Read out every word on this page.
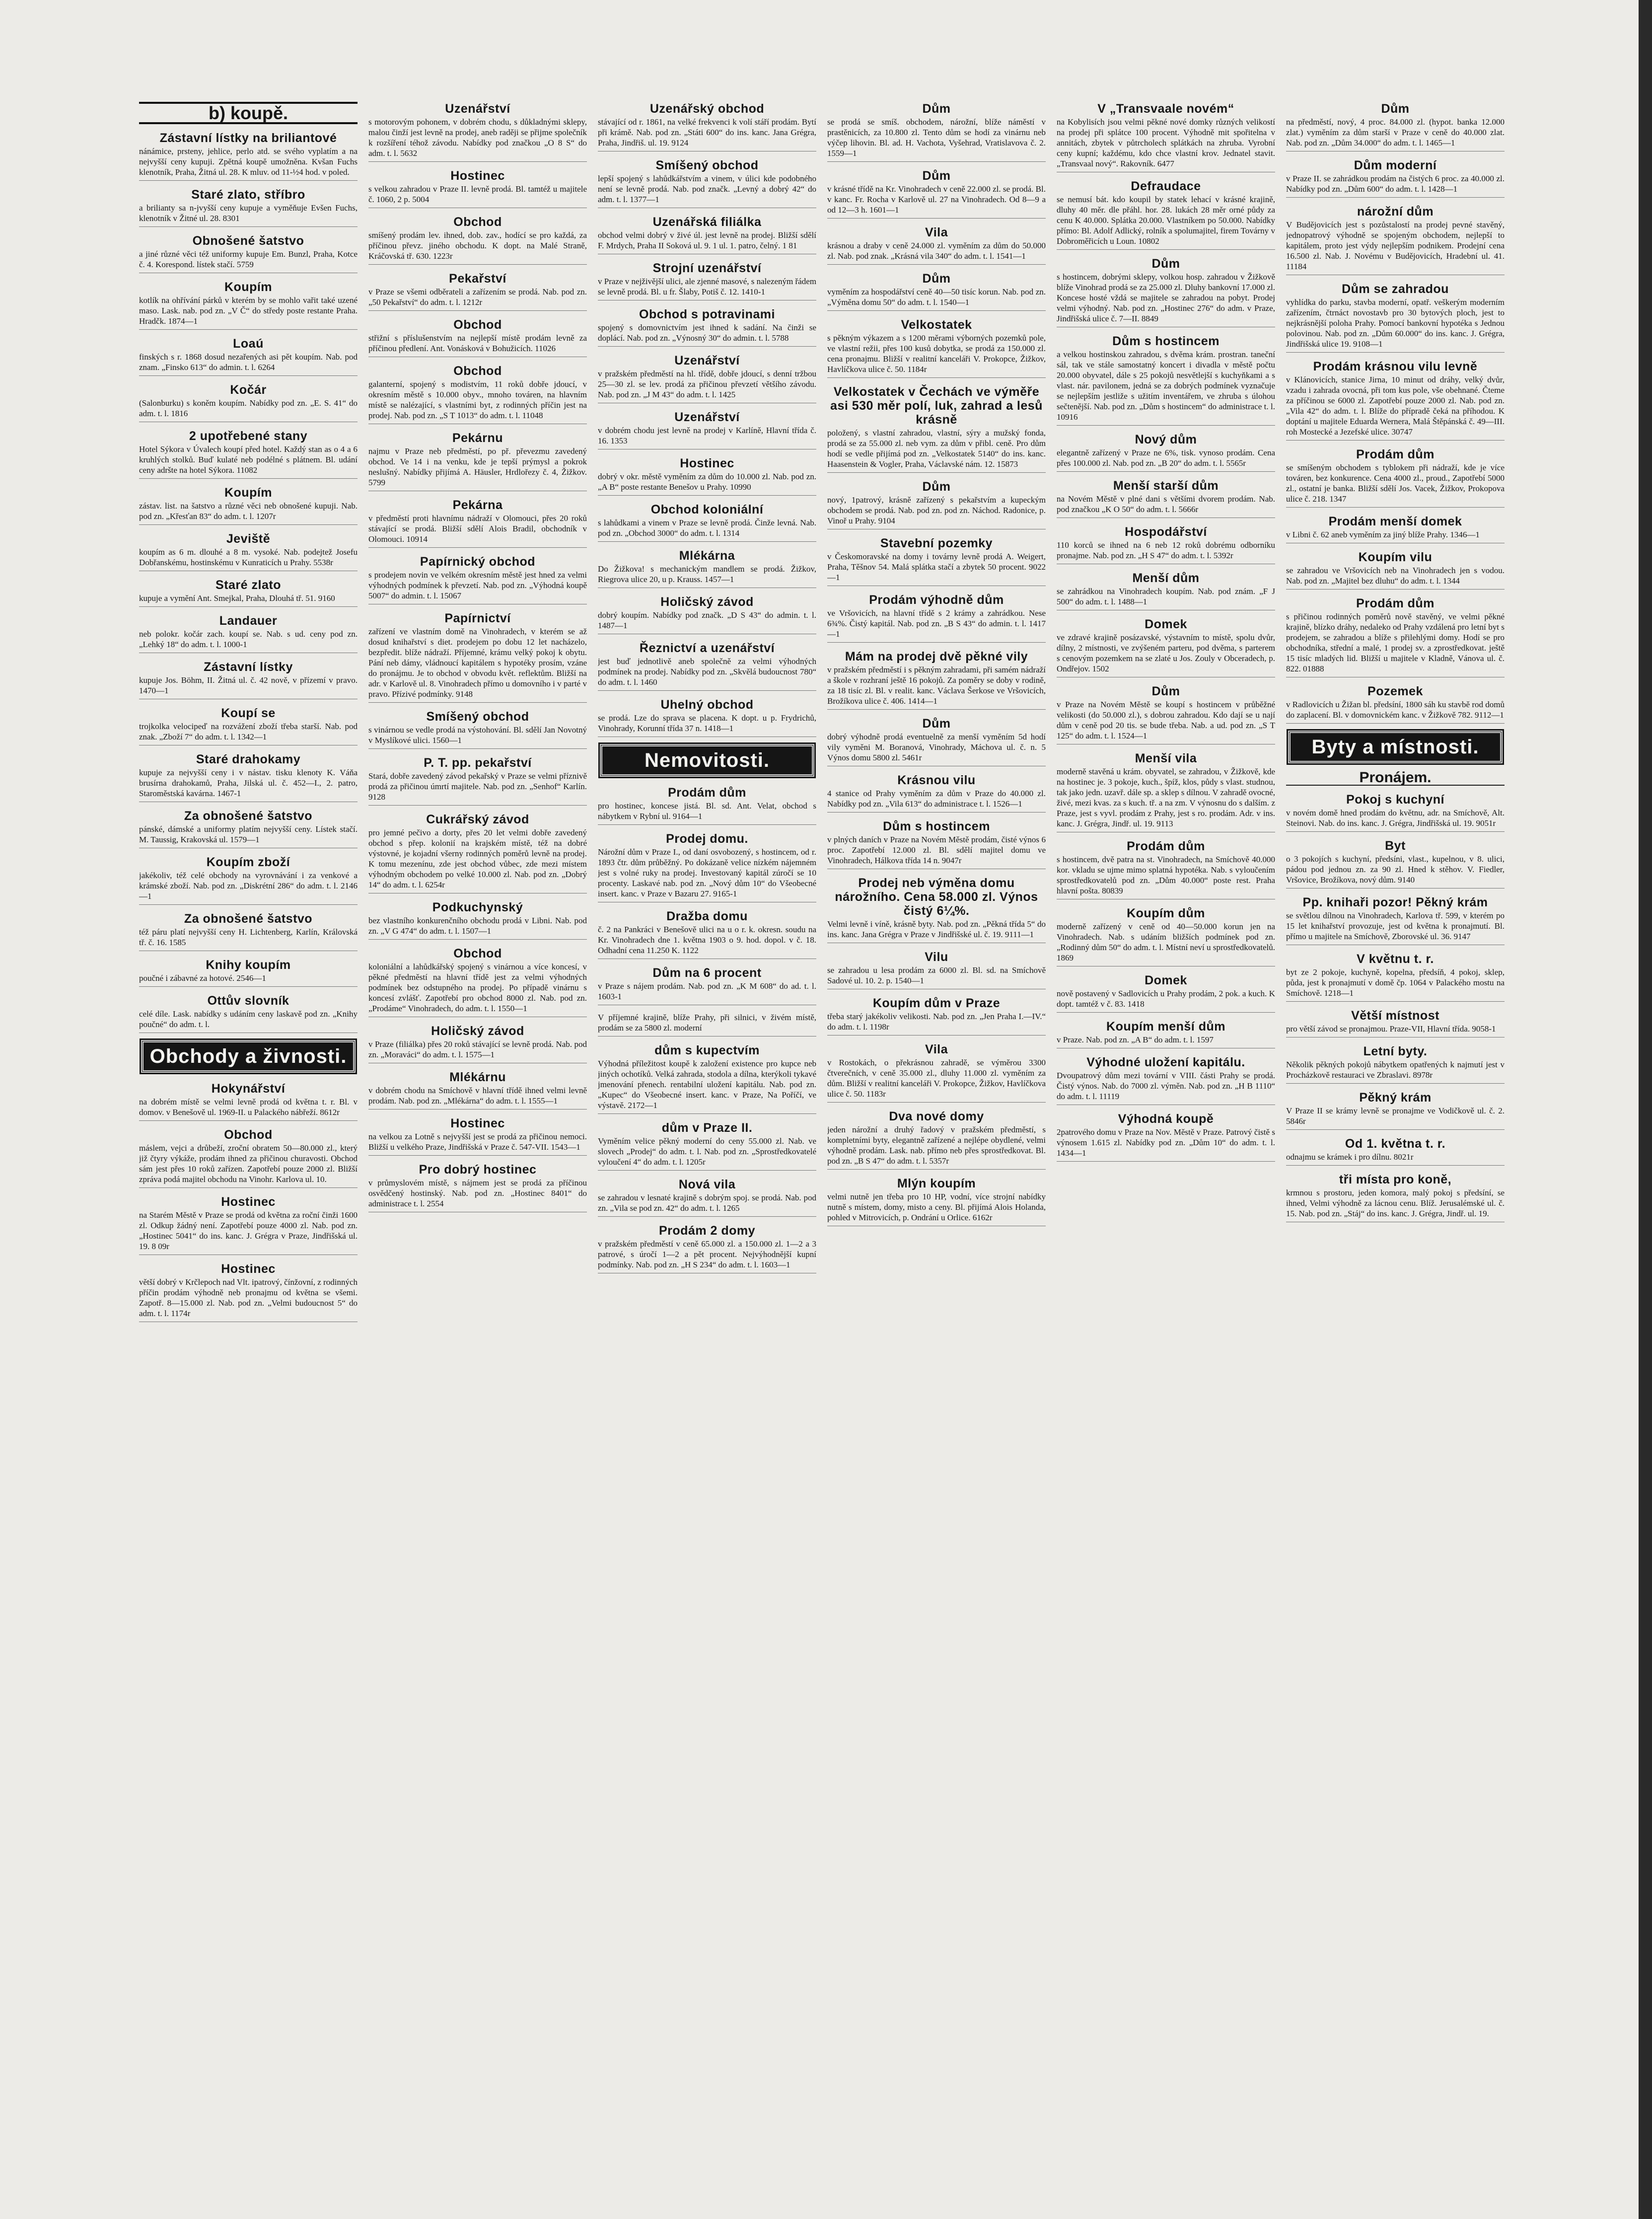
b) koupě.
Zástavní lístky na briliantové
nánámice, prsteny, jehlice, perlo atd. se svého vyplatím a na nejvyšší ceny kupuji. Zpětná koupě umožněna. Kvšan Fuchs klenotník, Praha, Žitná ul. 28. K mluv. od 11-½4 hod. v poled.
Staré zlato, stříbro
a brilianty sa n-jvyšší ceny kupuje a vyměňuje Evšen Fuchs, klenotník v Žitné ul. 28. 8301
Obnošené šatstvo
a jiné různé věci též uniformy kupuje Em. Bunzl, Praha, Kotce č. 4. Korespond. lístek stačí. 5759
Koupím
kotlík na ohřívání párků v kterém by se mohlo vařit také uzené maso. Lask. nab. pod zn. „V Č“ do středy poste restante Praha. Hradčk. 1874—1
Loaú
finských s r. 1868 dosud nezařených asi pět koupím. Nab. pod znam. „Finsko 613“ do admin. t. l. 6264
Kočár
(Salonburku) s koněm koupím. Nabídky pod zn. „E. S. 41“ do adm. t. l. 1816
2 upotřebené stany
Hotel Sýkora v Úvalech koupí před hotel. Každý stan as o 4 a 6 kruhlých stolků. Buď kulaté neb podélné s plátnem. Bl. udání ceny adršte na hotel Sýkora. 11082
Koupím
zástav. list. na šatstvo a různé věci neb obnošené kupuji. Nab. pod zn. „Křesťan 83“ do adm. t. l. 1207r
Jeviště
koupím as 6 m. dlouhé a 8 m. vysoké. Nab. podejtež Josefu Dobřanskému, hostinskému v Kunraticích u Prahy. 5538r
Staré zlato
kupuje a vymění Ant. Smejkal, Praha, Dlouhá tř. 51. 9160
Landauer
neb polokr. kočár zach. koupí se. Nab. s ud. ceny pod zn. „Lehký 18“ do adm. t. l. 1000-1
Zástavní lístky
kupuje Jos. Böhm, II. Žitná ul. č. 42 nově, v přízemí v pravo. 1470—1
Koupí se
trojkolka velocipeď na rozvážení zboží třeba starší. Nab. pod znak. „Zboží 7“ do adm. t. l. 1342—1
Staré drahokamy
kupuje za nejvyšší ceny i v nástav. tisku klenoty K. Váňa brusírna drahokamů, Praha, Jilská ul. č. 452—I., 2. patro, Staroměstská kavárna. 1467-1
Za obnošené šatstvo
pánské, dámské a uniformy platím nejvyšší ceny. Lístek stačí. M. Taussig, Krakovská ul. 1579—1
Koupím zboží
jakékoliv, též celé obchody na vyrovnávání i za venkové a krámské zboží. Nab. pod zn. „Diskrétní 286“ do adm. t. l. 2146—1
Za obnošené šatstvo
též páru platí nejvyšší ceny H. Lichtenberg, Karlín, Královská tř. č. 16. 1585
Knihy koupím
poučné i zábavné za hotové. 2546—1
Ottův slovník
celé díle. Lask. nabídky s udáním ceny laskavě pod zn. „Knihy poučné“ do adm. t. l.
Obchody a živnosti.
Hokynářství
na dobrém místě se velmi levně prodá od května t. r. Bl. v domov. v Benešově ul. 1969-II. u Palackého nábřeží. 8612r
Obchod
máslem, vejci a drůbeží, zroční obratem 50—80.000 zl., který již čtyry výkáže, prodám ihned za přičinou churavosti. Obchod sám jest přes 10 roků zařízen. Zapotřebí pouze 2000 zl. Bližší zpráva podá majitel obchodu na Vinohr. Karlova ul. 10.
Hostinec
na Starém Městě v Praze se prodá od května za roční činži 1600 zl. Odkup žádný není. Zapotřebí pouze 4000 zl. Nab. pod zn. „Hostinec 5041“ do ins. kanc. J. Grégra v Praze, Jindřišská ul. 19. 8 09r
Hostinec
větší dobrý v Krčlepoch nad Vlt. ipatrový, čínžovní, z rodinných příčin prodám výhodně neb pronajmu od května se všemi. Zapotř. 8—15.000 zl. Nab. pod zn. „Velmi budoucnost 5“ do adm. t. l. 1174r
Uzenářství
s motorovým pohonem, v dobrém chodu, s důkladnými sklepy, malou činží jest levně na prodej, aneb raději se přijme společník k rozšíření téhož závodu. Nabídky pod značkou „O 8 S“ do adm. t. l. 5632
Hostinec
s velkou zahradou v Praze II. levně prodá. Bl. tamtéž u majitele č. 1060, 2 p. 5004
Obchod
smíšený prodám lev. ihned, dob. zav., hodící se pro každá, za příčinou převz. jiného obchodu. K dopt. na Malé Straně, Kráčovská tř. 630. 1223r
Pekařství
v Praze se všemi odběrateli a zařízením se prodá. Nab. pod zn. „50 Pekařství“ do adm. t. l. 1212r
Obchod
střižní s příslušenstvím na nejlepší místě prodám levně za příčinou předlení. Ant. Vonásková v Bohužicích. 11026
Obchod
galanterní, spojený s modistvím, 11 roků dobře jdoucí, v okresním městě s 10.000 obyv., mnoho továren, na hlavním místě se nalézající, s vlastními byt, z rodinných příčin jest na prodej. Nab. pod zn. „S T 1013“ do adm. t. l. 11048
Pekárnu
najmu v Praze neb předměstí, po př. převezmu zavedený obchod. Ve 14 i na venku, kde je tepší prýmysl a pokrok neslušný. Nabídky přijímá A. Häusler, Hrdlořezy č. 4, Žižkov. 5799
Pekárna
v předměstí proti hlavnímu nádraží v Olomouci, přes 20 roků stávající se prodá. Bližší sdělí Alois Bradil, obchodník v Olomouci. 10914
Papírnický obchod
s prodejem novin ve velkém okresním městě jest hned za velmi výhodných podmínek k převzetí. Nab. pod zn. „Výhodná koupě 5007“ do admin. t. l. 15067
Papírnictví
zařízení ve vlastním domě na Vinohradech, v kterém se až dosud knihařství s diet. prodejem po dobu 12 let nacházelo, bezpředit. blíže nádraží. Příjemné, krámu velký pokoj k obytu. Pání neb dámy, vládnoucí kapitálem s hypotéky prosím, vzáne do pronájmu. Je to obchod v obvodu květ. reflektům. Bližší na adr. v Karlově ul. 8. Vinohradech přímo u domovního i v parté v pravo. Přízivé podmínky. 9148
Smíšený obchod
s vinárnou se vedle prodá na výstohování. Bl. sdělí Jan Novotný v Myslíkové ulici. 1560—1
P. T. pp. pekařství
Stará, dobře zavedený závod pekařský v Praze se velmi příznivě prodá za přičinou úmrtí majitele. Nab. pod zn. „Senhof“ Karlín. 9128
Cukrářský závod
pro jemné pečivo a dorty, přes 20 let velmi dobře zavedený obchod s přep. kolonií na krajském místě, též na dobré výstovné, je kojadní všerny rodinných poměrů levně na prodej. K tomu mezenínu, zde jest obchod vůbec, zde mezi místem výhodným obchodem po velké 10.000 zl. Nab. pod zn. „Dobrý 14“ do adm. t. l. 6254r
Podkuchynský
bez vlastního konkurenčního obchodu prodá v Libni. Nab. pod zn. „V G 474“ do adm. t. l. 1507—1
Obchod
koloniální a lahůdkářský spojený s vinárnou a více koncesí, v pěkné předměstí na hlavní třídě jest za velmi výhodných podmínek bez odstupného na prodej. Po případě vinárnu s koncesí zvlášť. Zapotřebí pro obchod 8000 zl. Nab. pod zn. „Prodáme“ Vinohradech, do adm. t. l. 1550—1
Holičský závod
v Praze (filiálka) přes 20 roků stávající se levně prodá. Nab. pod zn. „Moraváci“ do adm. t. l. 1575—1
Mlékárnu
v dobrém chodu na Smíchově v hlavní třídě ihned velmi levně prodám. Nab. pod zn. „Mlékárna“ do adm. t. l. 1555—1
Hostinec
na velkou za Lotně s nejvyšší jest se prodá za přičinou nemoci. Bližší u velkého Praze, Jindřišská v Praze č. 547-VII. 1543—1
Pro dobrý hostinec
v průmyslovém místě, s nájmem jest se prodá za příčinou osvědčený hostinský. Nab. pod zn. „Hostinec 8401“ do administrace t. l. 2554
Uzenářský obchod
stávající od r. 1861, na velké frekvenci k volí stáří prodám. Bytí při krámě. Nab. pod zn. „Státi 600“ do ins. kanc. Jana Grégra, Praha, Jindřiš. ul. 19. 9124
Smíšený obchod
lepší spojený s lahůdkářstvím a vinem, v úlici kde podobného není se levně prodá. Nab. pod značk. „Levný a dobrý 42“ do adm. t. l. 1377—1
Uzenářská filiálka
obchod velmi dobrý v živé úl. jest levně na prodej. Bližší sdělí F. Mrdych, Praha II Soková ul. 9. 1 ul. 1. patro, čelný. 1 81
Strojní uzenářství
v Praze v nejživější ulici, ale zjenné masové, s nalezeným řádem se levně prodá. Bl. u fr. Šlaby, Potiš č. 12. 1410-1
Obchod s potravinami
spojený s domovnictvím jest ihned k sadání. Na činži se doplácí. Nab. pod zn. „Výnosný 30“ do admin. t. l. 5788
Uzenářství
v pražském předměstí na hl. třídě, dobře jdoucí, s denní tržbou 25—30 zl. se lev. prodá za přičinou převzetí většího závodu. Nab. pod zn. „J M 43“ do adm. t. l. 1425
Uzenářství
v dobrém chodu jest levně na prodej v Karlíně, Hlavní třída č. 16. 1353
Hostinec
dobrý v okr. městě vyměním za dům do 10.000 zl. Nab. pod zn. „A B“ poste restante Benešov u Prahy. 10990
Obchod koloniální
s lahůdkami a vinem v Praze se levně prodá. Činže levná. Nab. pod zn. „Obchod 3000“ do adm. t. l. 1314
Mlékárna
Do Žižkova! s mechanickým mandlem se prodá. Žižkov, Riegrova ulice 20, u p. Krauss. 1457—1
Holičský závod
dobrý koupím. Nabídky pod značk. „D S 43“ do admin. t. l. 1487—1
Řeznictví a uzenářství
jest buď jednotlivě aneb společně za velmi výhodných podmínek na prodej. Nabídky pod zn. „Skvělá budoucnost 780“ do adm. t. l. 1460
Uhelný obchod
se prodá. Lze do sprava se placena. K dopt. u p. Frydrichů, Vinohrady, Korunní třída 37 n. 1418—1
Nemovitosti.
Prodám dům
pro hostinec, koncese jistá. Bl. sd. Ant. Velat, obchod s nábytkem v Rybní ul. 9164—1
Prodej domu.
Nárožní dům v Praze I., od daní osvobozený, s hostincem, od r. 1893 čtr. dům průběžný. Po dokázaně velice nízkém nájemném jest s volné ruky na prodej. Investovaný kapitál zúročí se 10 procenty. Laskavé nab. pod zn. „Nový dům 10“ do Všeobecné insert. kanc. v Praze v Bazaru 27. 9165-1
Dražba domu
č. 2 na Pankráci v Benešově ulici na u o r. k. okresn. soudu na Kr. Vinohradech dne 1. května 1903 o 9. hod. dopol. v č. 18. Odhadní cena 11.250 K. 1122
Dům na 6 procent
v Praze s nájem prodám. Nab. pod zn. „K M 608“ do ad. t. l. 1603-1
V příjemné krajině, blíže Prahy, při silnici, v živém místě, prodám se za 5800 zl. moderní
dům s kupectvím
Výhodná příležitost koupě k založení existence pro kupce neb jiných ochotíků. Velká zahrada, stodola a dílna, kterýkoli tykavé jmenování přenech. rentabilní uložení kapitálu. Nab. pod zn. „Kupec“ do Všeobecné insert. kanc. v Praze, Na Poříčí, ve výstavě. 2172—1
dům v Praze II.
Vyměním velice pěkný moderní do ceny 55.000 zl. Nab. ve slovech „Prodej“ do adm. t. l. Nab. pod zn. „Sprostředkovatelé vyloučení 4“ do adm. t. l. 1205r
Nová vila
se zahradou v lesnaté krajině s dobrým spoj. se prodá. Nab. pod zn. „Vila se pod zn. 42“ do adm. t. l. 1265
Prodám 2 domy
v pražském předměstí v ceně 65.000 zl. a 150.000 zl. 1—2 a 3 patrové, s úročí 1—2 a pět procent. Nejvýhodnější kupní podmínky. Nab. pod zn. „H S 234“ do adm. t. l. 1603—1
Dům
se prodá se smíš. obchodem, nárožní, blíže náměstí v prastěnicích, za 10.800 zl. Tento dům se hodí za vinárnu neb výčep lihovin. Bl. ad. H. Vachota, Vyšehrad, Vratislavova č. 2. 1559—1
Dům
v krásné třídě na Kr. Vinohradech v ceně 22.000 zl. se prodá. Bl. v kanc. Fr. Rocha v Karlově ul. 27 na Vinohradech. Od 8—9 a od 12—3 h. 1601—1
Vila
krásnou a draby v ceně 24.000 zl. vyměním za dům do 50.000 zl. Nab. pod znak. „Krásná vila 340“ do adm. t. l. 1541—1
Dům
vyměním za hospodářství ceně 40—50 tisíc korun. Nab. pod zn. „Výměna domu 50“ do adm. t. l. 1540—1
Velkostatek
s pěkným výkazem a s 1200 měrami výborných pozemků pole, ve vlastní režii, přes 100 kusů dobytka, se prodá za 150.000 zl. cena pronajmu. Bližší v realitní kanceláři V. Prokopce, Žižkov, Havlíčkova ulice č. 50. 1184r
Velkostatek v Čechách ve výměře asi 530 měr polí, luk, zahrad a lesů krásně
položený, s vlastní zahradou, vlastní, sýry a mužský fonda, prodá se za 55.000 zl. neb vym. za dům v přibl. ceně. Pro dům hodí se vedle přijímá pod zn. „Velkostatek 5140“ do ins. kanc. Haasenstein & Vogler, Praha, Václavské nám. 12. 15873
Dům
nový, 1patrový, krásně zařízený s pekařstvím a kupeckým obchodem se prodá. Nab. pod zn. pod zn. Náchod. Radonice, p. Vinoř u Prahy. 9104
Stavební pozemky
v Českomoravské na domy i továrny levně prodá A. Weigert, Praha, Těšnov 54. Malá splátka stačí a zbytek 50 procent. 9022—1
Prodám výhodně dům
ve Vršovicích, na hlavní třídě s 2 krámy a zahrádkou. Nese 6¾%. Čistý kapitál. Nab. pod zn. „B S 43“ do admin. t. l. 1417—1
Mám na prodej dvě pěkné vily
v pražském předměstí i s pěkným zahradami, při samém nádraží a škole v rozhraní ještě 16 pokojů. Za poměry se doby v rodině, za 18 tisíc zl. Bl. v realit. kanc. Václava Šerkose ve Vršovicích, Brožíkova ulice č. 406. 1414—1
Dům
dobrý výhodně prodá eventuelně za menší vyměním 5d hodí vily vyměni M. Boranová, Vinohrady, Máchova ul. č. n. 5 Výnos domu 5800 zl. 5461r
Krásnou vilu
4 stanice od Prahy vyměním za dům v Praze do 40.000 zl. Nabídky pod zn. „Vila 613“ do administrace t. l. 1526—1
Dům s hostincem
v plných daních v Praze na Novém Městě prodám, čisté výnos 6 proc. Zapotřebí 12.000 zl. Bl. sdělí majitel domu ve Vinohradech, Hálkova třída 14 n. 9047r
Prodej neb výměna domu nárožního. Cena 58.000 zl. Výnos čistý 6¼%.
Velmi levně i víně, krásně byty. Nab. pod zn. „Pěkná třída 5“ do ins. kanc. Jana Grégra v Praze v Jindřišské ul. č. 19. 9111—1
Vilu
se zahradou u lesa prodám za 6000 zl. Bl. sd. na Smíchově Sadové ul. 10. 2. p. 1540—1
Koupím dům v Praze
třeba starý jakékoliv velikosti. Nab. pod zn. „Jen Praha I.—IV.“ do adm. t. l. 1198r
Vila
v Rostokách, o překrásnou zahradě, se výměrou 3300 čtverečních, v ceně 35.000 zl., dluhy 11.000 zl. vyměním za dům. Bližší v realitní kanceláři V. Prokopce, Žižkov, Havlíčkova ulice č. 50. 1183r
Dva nové domy
jeden nárožní a druhý řadový v pražském předměstí, s kompletními byty, elegantně zařízené a nejlépe obydlené, velmi výhodně prodám. Lask. nab. přímo neb přes sprostředkovat. Bl. pod zn. „B S 47“ do adm. t. l. 5357r
Mlýn koupím
velmi nutně jen třeba pro 10 HP, vodní, více strojní nabídky nutně s místem, domy, misto a ceny. Bl. přijímá Alois Holanda, pohled v Mitrovicích, p. Ondrání u Orlice. 6162r
V „Transvaale novém“
na Kobylisích jsou velmi pěkné nové domky různých velikostí na prodej při splátce 100 procent. Výhodně mit spořitelna v annitách, zbytek v půtrcholech splátkách na zhruba. Vyrobní ceny kupní; každému, kdo chce vlastní krov. Jednatel stavit. „Transvaal nový“. Rakovník. 6477
Defraudace
se nemusí bát. kdo koupil by statek lehací v krásné krajině, dluhy 40 měr. dle přáhl. hor. 28. lukách 28 měr orné půdy za cenu K 40.000. Splátka 20.000. Vlastníkem po 50.000. Nabídky přímo: Bl. Adolf Adlický, rolník a spolumajitel, firem Továrny v Dobroměřicích u Loun. 10802
Dům
s hostincem, dobrými sklepy, volkou hosp. zahradou v Žižkově blíže Vinohrad prodá se za 25.000 zl. Dluhy bankovní 17.000 zl. Koncese hosté vždá se majitele se zahradou na pobyt. Prodej velmi výhodný. Nab. pod zn. „Hostinec 276“ do adm. v Praze, Jindřišská ulice č. 7—II. 8849
Dům s hostincem
a velkou hostinskou zahradou, s dvěma krám. prostran. taneční sál, tak ve stále samostatný koncert i divadla v městě počtu 20.000 obyvatel, dále s 25 pokojů nesvětlejší s kuchyňkami a s vlast. nár. pavilonem, jedná se za dobrých podmínek vyznačuje se nejlepším jestliže s užitím inventářem, ve zhruba s úlohou sečtenější. Nab. pod zn. „Dům s hostincem“ do administrace t. l. 10916
Nový dům
elegantně zařízený v Praze ne 6%, tisk. vynoso prodám. Cena přes 100.000 zl. Nab. pod zn. „B 20“ do adm. t. l. 5565r
Menší starší dům
na Novém Městě v plné dani s většími dvorem prodám. Nab. pod značkou „K O 50“ do adm. t. l. 5666r
Hospodářství
110 korců se ihned na 6 neb 12 roků dobrému odborníku pronajme. Nab. pod zn. „H S 47“ do adm. t. l. 5392r
Menší dům
se zahrádkou na Vinohradech koupím. Nab. pod znám. „F J 500“ do adm. t. l. 1488—1
Domek
ve zdravé krajině posázavské, výstavním to místě, spolu dvůr, dílny, 2 místnosti, ve zvýšeném parteru, pod dvěma, s parterem s cenovým pozemkem na se zlaté u Jos. Zouly v Obceradech, p. Ondřejov. 1502
Dům
v Praze na Novém Městě se koupí s hostincem v průběžné velikosti (do 50.000 zl.), s dobrou zahradou. Kdo dají se u nají dům v ceně pod 20 tis. se bude třeba. Nab. a ud. pod zn. „S T 125“ do adm. t. l. 1524—1
Menší vila
moderně stavěná u krám. obyvatel, se zahradou, v Žižkově, kde na hostinec je. 3 pokoje, kuch., špíž, klos, půdy s vlast. studnou, tak jako jedn. uzavř. dále sp. a sklep s dílnou. V zahradě ovocné, živé, mezi kvas. za s kuch. tř. a na zm. V výnosnu do s dalším. z Praze, jest s vyvl. prodám z Prahy, jest s ro. prodám. Adr. v ins. kanc. J. Grégra, Jindř. ul. 19. 9113
Prodám dům
s hostincem, dvě patra na st. Vinohradech, na Smíchově 40.000 kor. vkladu se ujme mimo splatná hypotéka. Nab. s vyloučením sprostředkovatelů pod zn. „Dům 40.000“ poste rest. Praha hlavní pošta. 80839
Koupím dům
moderně zařízený v ceně od 40—50.000 korun jen na Vinohradech. Nab. s udáním bližších podmínek pod zn. „Rodinný dům 50“ do adm. t. l. Místní neví u sprostředkovatelů. 1869
Domek
nově postavený v Sadlovicích u Prahy prodám, 2 pok. a kuch. K dopt. tamtéž v č. 83. 1418
Koupím menší dům
v Praze. Nab. pod zn. „A B“ do adm. t. l. 1597
Výhodné uložení kapitálu.
Dvoupatrový dům mezi tovární v VIII. části Prahy se prodá. Čistý výnos. Nab. do 7000 zl. výměn. Nab. pod zn. „H B 1110“ do adm. t. l. 11119
Výhodná koupě
2patrového domu v Praze na Nov. Městě v Praze. Patrový čistě s výnosem 1.615 zl. Nabídky pod zn. „Dům 10“ do adm. t. l. 1434—1
Dům
na předměstí, nový, 4 proc. 84.000 zl. (hypot. banka 12.000 zlat.) vyměním za dům starší v Praze v ceně do 40.000 zlat. Nab. pod zn. „Dům 34.000“ do adm. t. l. 1465—1
Dům moderní
v Praze II. se zahrádkou prodám na čistých 6 proc. za 40.000 zl. Nabídky pod zn. „Dům 600“ do adm. t. l. 1428—1
nárožní dům
V Budějovicích jest s pozůstalostí na prodej pevné stavěný, jednopatrový výhodně se spojeným obchodem, nejlepší to kapitálem, proto jest výdy nejlepším podnikem. Prodejní cena 16.500 zl. Nab. J. Novému v Budějovicích, Hradební ul. 41. 11184
Dům se zahradou
vyhlídka do parku, stavba moderní, opatř. veškerým moderním zařízením, čtrnáct novostavb pro 30 bytových ploch, jest to nejkrásnější poloha Prahy. Pomocí bankovní hypotéka s Jednou polovinou. Nab. pod zn. „Dům 60.000“ do ins. kanc. J. Grégra, Jindřišská ulice 19. 9108—1
Prodám krásnou vilu levně
v Klánovicích, stanice Jirna, 10 minut od dráhy, velký dvůr, vzadu i zahrada ovocná, při tom kus pole, vše obehnané. Čteme za příčinou se 6000 zl. Zapotřebí pouze 2000 zl. Nab. pod zn. „Vila 42“ do adm. t. l. Blíže do přípradě čeká na příhodou. K doptání u majitele Eduarda Wernera, Malá Štěpánská č. 49—III. roh Mostecké a Jezefské ulice. 30747
Prodám dům
se smíšeným obchodem s tyblokem při nádraží, kde je více továren, bez konkurence. Cena 4000 zl., proud., Zapotřebí 5000 zl., ostatní je banka. Bližší sdělí Jos. Vacek, Žižkov, Prokopova ulice č. 218. 1347
Prodám menší domek
v Libni č. 62 aneb vyměním za jiný blíže Prahy. 1346—1
Koupím vilu
se zahradou ve Vršovicích neb na Vinohradech jen s vodou. Nab. pod zn. „Majitel bez dluhu“ do adm. t. l. 1344
Prodám dům
s přičinou rodinných poměrů nově stavěný, ve velmi pěkné krajině, blízko dráhy, nedaleko od Prahy vzdálená pro letní byt s prodejem, se zahradou a blíže s přilehlými domy. Hodí se pro obchodníka, střední a malé, 1 prodej sv. a zprostředkovat. ještě 15 tisíc mladých lid. Bližší u majitele v Kladně, Vánova ul. č. 822. 01888
Pozemek
v Radlovicích u Žižan bl. předsíní, 1800 sáh ku stavbě rod domů do zaplacení. Bl. v domovnickém kanc. v Žižkově 782. 9112—1
Byty a místnosti.
Pronájem.
Pokoj s kuchyní
v novém domě hned prodám do květnu, adr. na Smíchově, Alt. Steinovi. Nab. do ins. kanc. J. Grégra, Jindřišská ul. 19. 9051r
Byt
o 3 pokojích s kuchyní, předsíni, vlast., kupelnou, v 8. ulici, pádou pod jednou zn. za 90 zl. Hned k stěhov. V. Fiedler, Vršovice, Brožíkova, nový dům. 9140
Pp. knihaři pozor! Pěkný krám
se světlou dílnou na Vinohradech, Karlova tř. 599, v kterém po 15 let knihařství provozuje, jest od května k pronajmutí. Bl. přímo u majitele na Smíchově, Zborovské ul. 36. 9147
V květnu t. r.
byt ze 2 pokoje, kuchyně, kopelna, předsíň, 4 pokoj, sklep, půda, jest k pronajmutí v domě čp. 1064 v Palackého mostu na Smíchově. 1218—1
Větší místnost
pro větší závod se pronajmou. Praze-VII, Hlavní třída. 9058-1
Letní byty.
Několik pěkných pokojů nábytkem opatřených k najmutí jest v Procházkově restauraci ve Zbraslavi. 8978r
Pěkný krám
V Praze II se krámy levně se pronajme ve Vodičkově ul. č. 2. 5846r
Od 1. května t. r.
odnajmu se krámek i pro dílnu. 8021r
tři místa pro koně,
krmnou s prostoru, jeden komora, malý pokoj s předsíní, se ihned, Velmi výhodně za lácnou cenu. Blíž. Jerusalémské ul. č. 15. Nab. pod zn. „Stáj“ do ins. kanc. J. Grégra, Jindř. ul. 19.
